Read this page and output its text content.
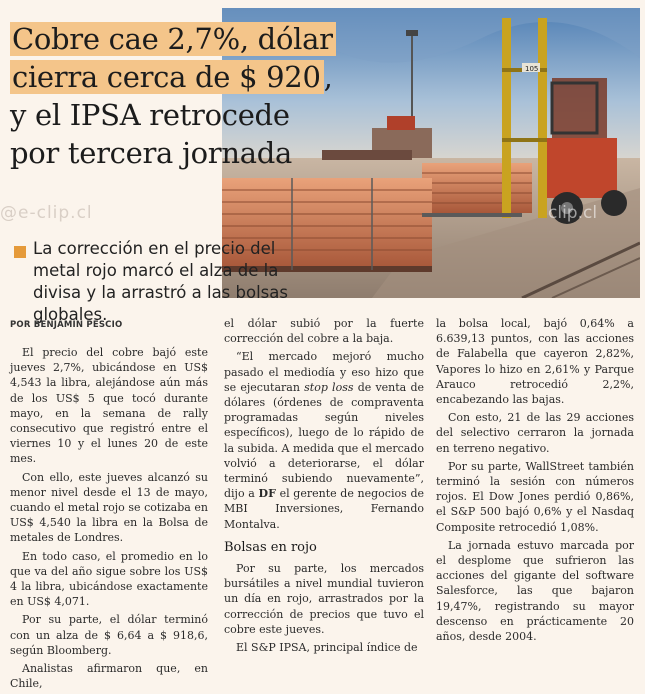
105
Cobre cae 2,7%, dólar
cierra cerca de $ 920 ,
y el IPSA retrocede
por tercera jornada
@e-clip.cl	clip.cl
La corrección en el precio del metal rojo marcó el alza de la divisa y la arrastró a las bolsas globales.
POR BENJAMÍN PESCIO

El precio del cobre bajó este jueves 2,7%, ubicándose en US$ 4,543 la libra, alejándose aún más de los US$ 5 que tocó durante mayo, en la semana de rally consecutivo que registró entre el viernes 10 y el lunes 20 de este mes.

Con ello, este jueves alcanzó su menor nivel desde el 13 de mayo, cuando el metal rojo se cotizaba en US$ 4,540 la libra en la Bolsa de metales de Londres.

En todo caso, el promedio en lo que va del año sigue sobre los US$ 4 la libra, ubicándose exactamente en US$ 4,071.

Por su parte, el dólar terminó con un alza de $ 6,64 a $ 918,6, según Bloomberg.

Analistas afirmaron que, en Chile,

el dólar subió por la fuerte corrección del cobre a la baja.

“El mercado mejoró mucho pasado el mediodía y eso hizo que se ejecutaran stop loss de venta de dólares (órdenes de compraventa programadas según niveles específicos), luego de lo rápido de la subida. A medida que el mercado volvió a deteriorarse, el dólar terminó subiendo nuevamente”, dijo a DF el gerente de negocios de MBI Inversiones, Fernando Montalva.

Bolsas en rojo

Por su parte, los mercados bursátiles a nivel mundial tuvieron un día en rojo, arrastrados por la corrección de precios que tuvo el cobre este jueves.

El S&P IPSA, principal índice de

la bolsa local, bajó 0,64% a 6.639,13 puntos, con las acciones de Falabella que cayeron 2,82%, Vapores lo hizo en 2,61% y Parque Arauco retrocedió 2,2%, encabezando las bajas.

Con esto, 21 de las 29 acciones del selectivo cerraron la jornada en terreno negativo.

Por su parte, WallStreet también terminó la sesión con números rojos. El Dow Jones perdió 0,86%, el S&P 500 bajó 0,6% y el Nasdaq Composite retrocedió 1,08%.

La jornada estuvo marcada por el desplome que sufrieron las acciones del gigante del software Salesforce, las que bajaron 19,47%, registrando su mayor descenso en prácticamente 20 años, desde 2004.
